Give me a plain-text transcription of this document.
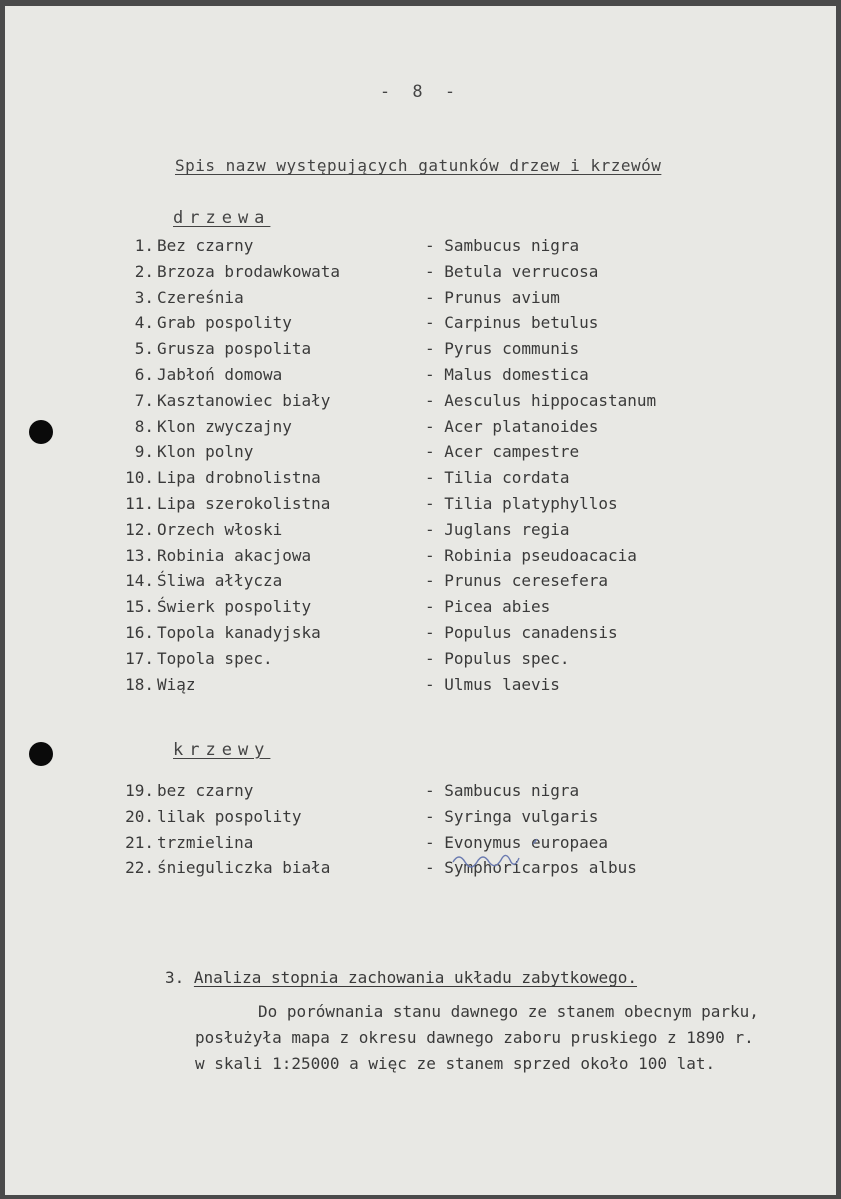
- 8 -
Spis nazw występujących gatunków drzew i krzewów
drzewa
1. Bez czarny	- Sambucus nigra
2. Brzoza brodawkowata	- Betula verrucosa
3. Czereśnia	- Prunus avium
4. Grab pospolity	- Carpinus betulus
5. Grusza pospolita	- Pyrus communis
6. Jabłoń domowa	- Malus domestica
7. Kasztanowiec biały	- Aesculus hippocastanum
8. Klon zwyczajny	- Acer platanoides
9. Klon polny	- Acer campestre
10. Lipa drobnolistna	- Tilia cordata
11. Lipa szerokolistna	- Tilia platyphyllos
12. Orzech włoski	- Juglans regia
13. Robinia akacjowa	- Robinia pseudoacacia
14. Śliwa ałłycza	- Prunus ceresefera
15. Świerk pospolity	- Picea abies
16. Topola kanadyjska	- Populus canadensis
17. Topola spec.	- Populus spec.
18. Wiąz	- Ulmus laevis
krzewy
19. bez czarny	- Sambucus nigra
20. lilak pospolity	- Syringa vulgaris
21. trzmielina	- Evonymus europaea
22. śnieguliczka biała	- Symphoricarpos albus
3. Analiza stopnia zachowania układu zabytkowego.
Do porównania stanu dawnego ze stanem obecnym parku,
posłużyła mapa z okresu dawnego zaboru pruskiego z 1890 r.
w skali 1:25000 a więc ze stanem sprzed około 100 lat.
